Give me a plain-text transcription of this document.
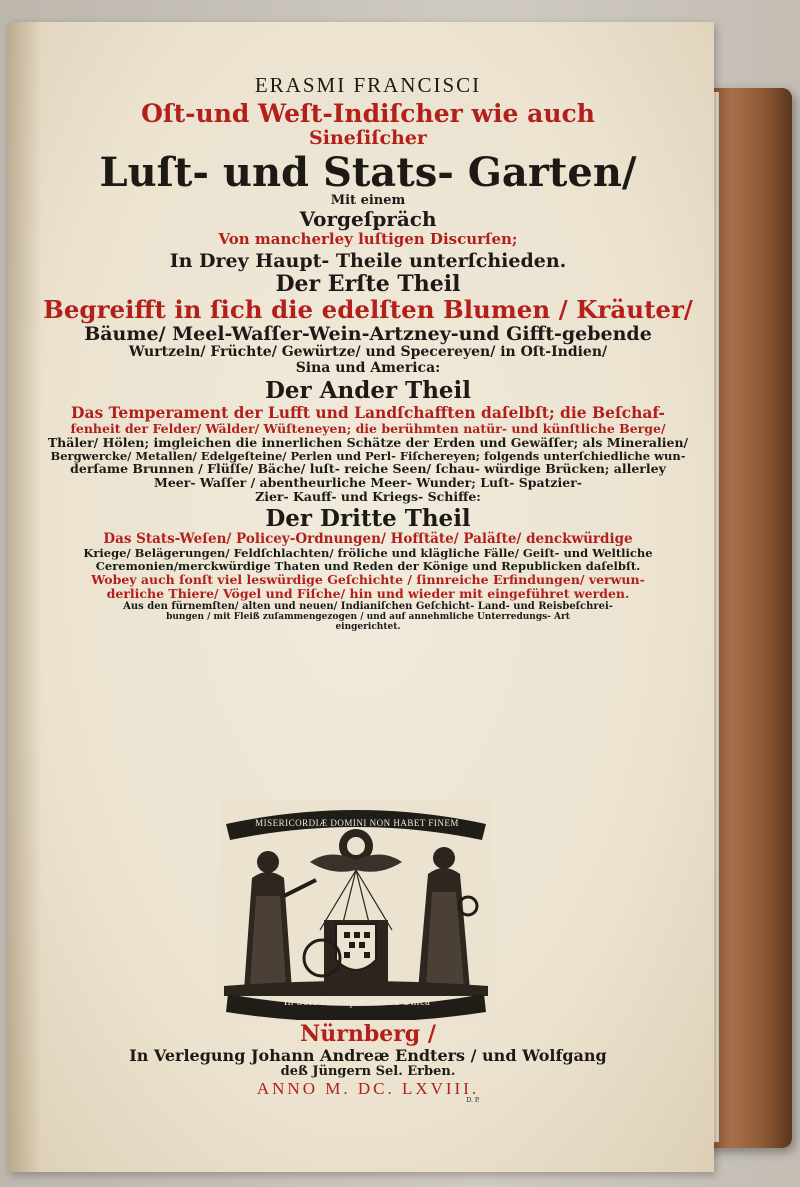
ERASMI FRANCISCI
Oſt-und Weſt-Indiſcher wie auch
Sineſiſcher
Luſt- und Stats- Garten/
Mit einem
Vorgeſpräch
Von mancherley luſtigen Discurſen;
In Drey Haupt- Theile unterſchieden.
Der Erſte Theil
Begreifft in ſich die edelſten Blumen / Kräuter/
Bäume/ Meel-Waſſer-Wein-Artzney-und Gifft-gebende
Wurtzeln/ Früchte/ Gewürtze/ und Specereyen/ in Oſt-Indien/
Sina und America:
Der Ander Theil
Das Temperament der Lufft und Landſchafften daſelbſt; die Beſchaf-
fenheit der Felder/ Wälder/ Wüſteneyen; die berühmten natür- und künſtliche Berge/
Thäler/ Hölen; imgleichen die innerlichen Schätze der Erden und Gewäſſer; als Mineralien/
Bergwercke/ Metallen/ Edelgeſteine/ Perlen und Perl- Fiſchereyen; folgends unterſchiedliche wun-
derſame Brunnen / Flüſſe/ Bäche/ luſt- reiche Seen/ ſchau- würdige Brücken; allerley
Meer- Waſſer / abentheurliche Meer- Wunder; Luſt- Spatzier-
Zier- Kauff- und Kriegs- Schiffe:
Der Dritte Theil
Das Stats-Weſen/ Policey-Ordnungen/ Hofſtäte/ Paläſte/ denckwürdige
Kriege/ Belägerungen/ Feldſchlachten/ fröliche und klägliche Fälle/ Geiſt- und Weltliche
Ceremonien/merckwürdige Thaten und Reden der Könige und Republicken daſelbſt.
Wobey auch ſonſt viel leswürdige Geſchichte / ſinnreiche Erfindungen/ verwun-
derliche Thiere/ Vögel und Fiſche/ hin und wieder mit eingeführet werden.
Aus den fürnemſten/ alten und neuen/ Indianiſchen Geſchicht- Land- und Reisbeſchrei-
bungen / mit Fleiß zuſammengezogen / und auf annehmliche Unterredungs- Art
eingerichtet.
MISERICORDIÆ DOMINI NON HABET FINEM
In Solo Deo Spes Nostra Unica
Nürnberg /
In Verlegung Johann Andreæ Endters / und Wolfgang
deß Jüngern Sel. Erben.
ANNO M. DC. LXVIII.
D. P.
